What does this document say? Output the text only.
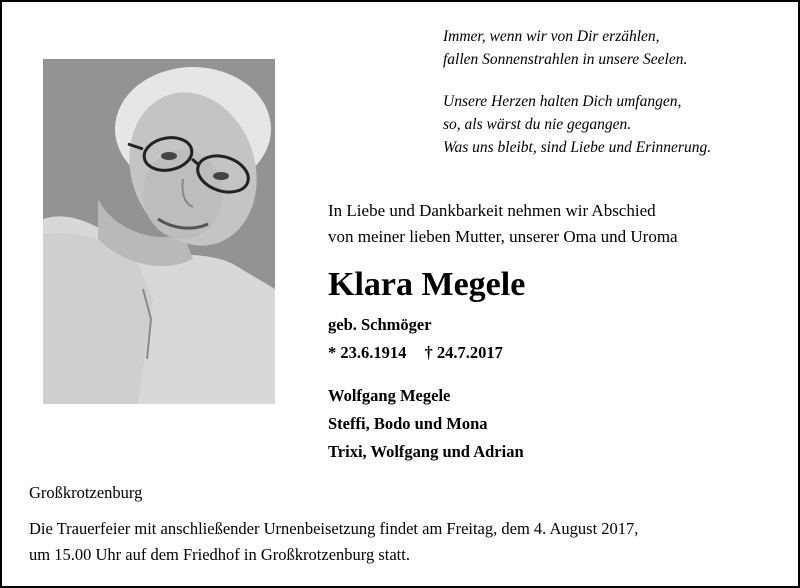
Immer, wenn wir von Dir erzählen,

fallen Sonnenstrahlen in unsere Seelen.

Unsere Herzen halten Dich umfangen,

so, als wärst du nie gegangen.

Was uns bleibt, sind Liebe und Erinnerung.

In Liebe und Dankbarkeit nehmen wir Abschied

von meiner lieben Mutter, unserer Oma und Uroma

Klara Megele
geb. Schmöger
* 23.6.1914 † 24.7.2017

Wolfgang Megele

Steffi, Bodo und Mona

Trixi, Wolfgang und Adrian

Großkrotzenburg

Die Trauerfeier mit anschließender Urnenbeisetzung findet am Freitag, dem 4. August 2017,

um 15.00 Uhr auf dem Friedhof in Großkrotzenburg statt.
